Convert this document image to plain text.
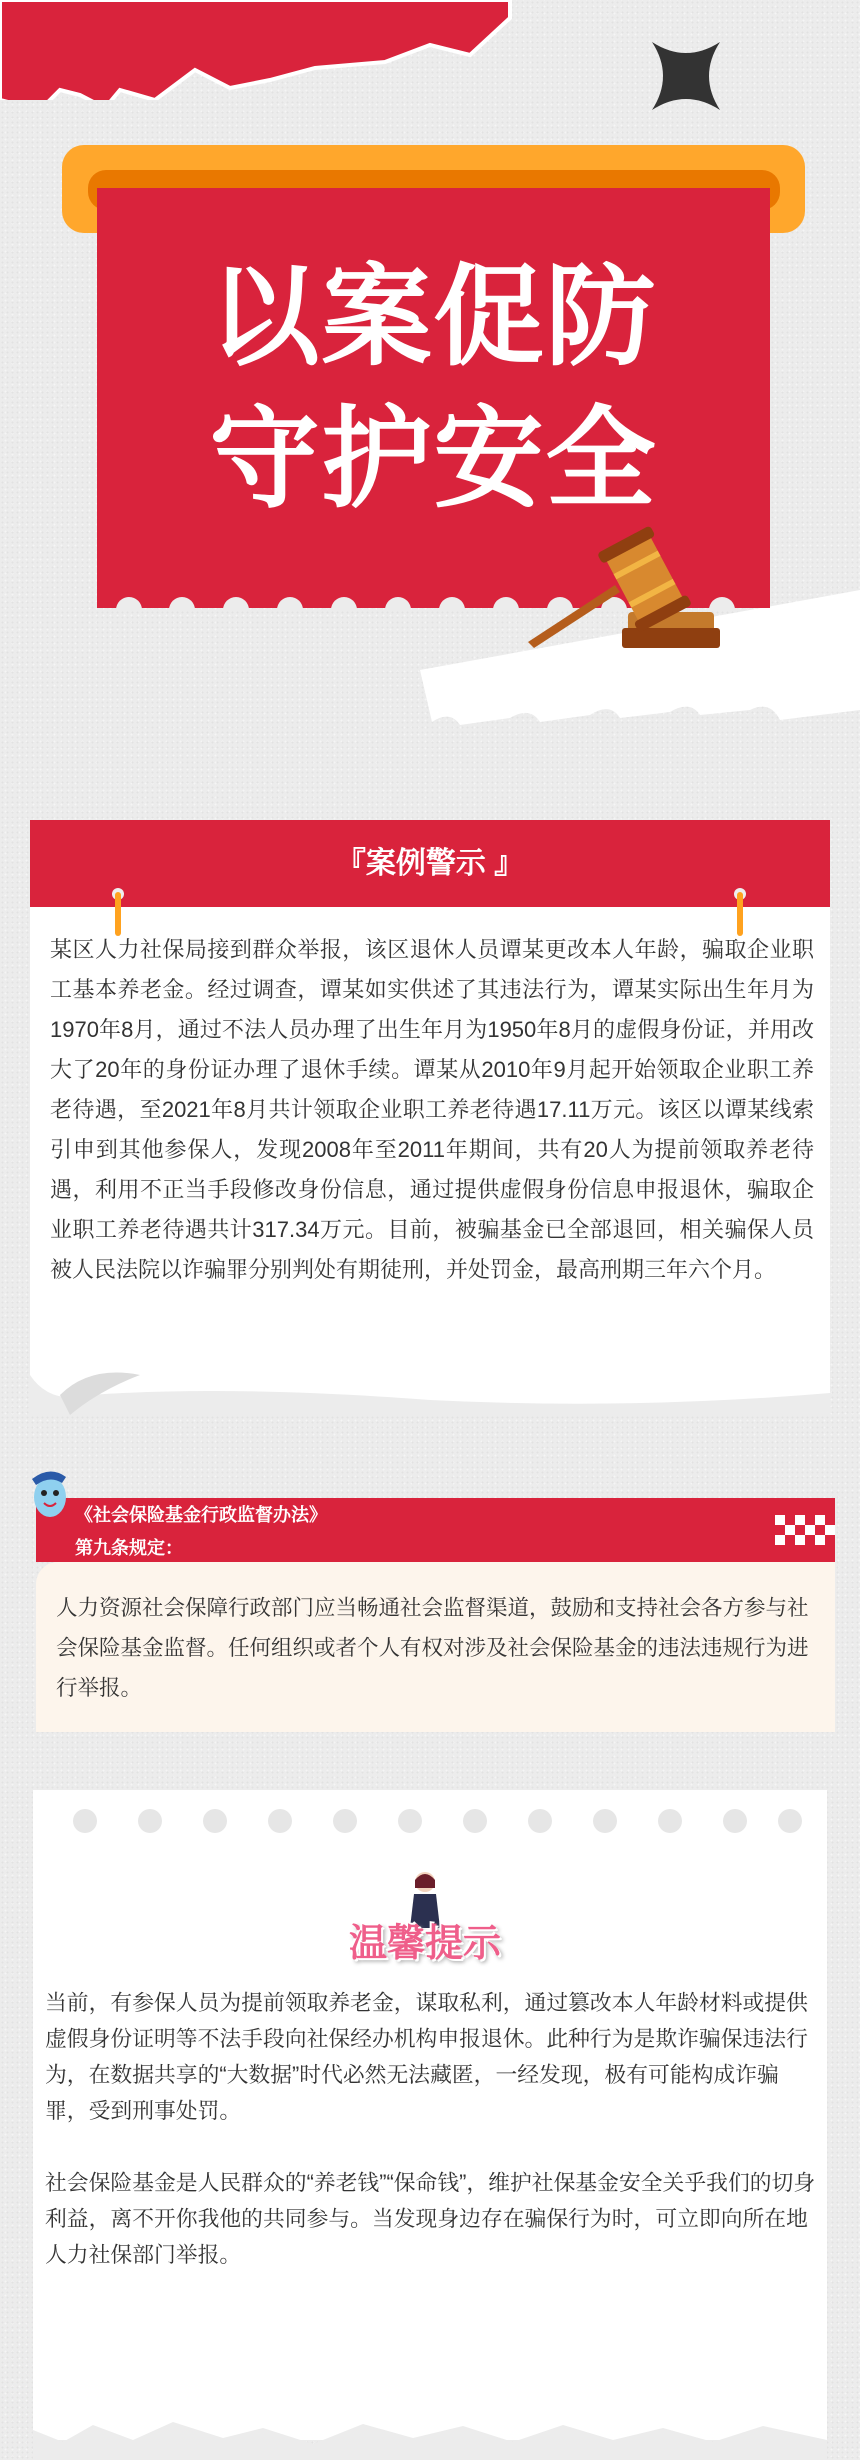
以案促防
守护安全
『案例警示 』
某区人力社保局接到群众举报，该区退休人员谭某更改本人年龄，骗取企业职工基本养老金。经过调查，谭某如实供述了其违法行为，谭某实际出生年月为1970年8月，通过不法人员办理了出生年月为1950年8月的虚假身份证，并用改大了20年的身份证办理了退休手续。谭某从2010年9月起开始领取企业职工养老待遇，至2021年8月共计领取企业职工养老待遇17.11万元。该区以谭某线索引申到其他参保人，发现2008年至2011年期间，共有20人为提前领取养老待遇，利用不正当手段修改身份信息，通过提供虚假身份信息申报退休，骗取企业职工养老待遇共计317.34万元。目前，被骗基金已全部退回，相关骗保人员被人民法院以诈骗罪分别判处有期徒刑，并处罚金，最高刑期三年六个月。
《社会保险基金行政监督办法》
第九条规定：
人力资源社会保障行政部门应当畅通社会监督渠道，鼓励和支持社会各方参与社会保险基金监督。任何组织或者个人有权对涉及社会保险基金的违法违规行为进行举报。
温馨提示
当前，有参保人员为提前领取养老金，谋取私利，通过篡改本人年龄材料或提供虚假身份证明等不法手段向社保经办机构申报退休。此种行为是欺诈骗保违法行为，在数据共享的“大数据”时代必然无法藏匿，一经发现，极有可能构成诈骗罪，受到刑事处罚。
社会保险基金是人民群众的“养老钱”“保命钱”，维护社保基金安全关乎我们的切身利益，离不开你我他的共同参与。当发现身边存在骗保行为时，可立即向所在地人力社保部门举报。
